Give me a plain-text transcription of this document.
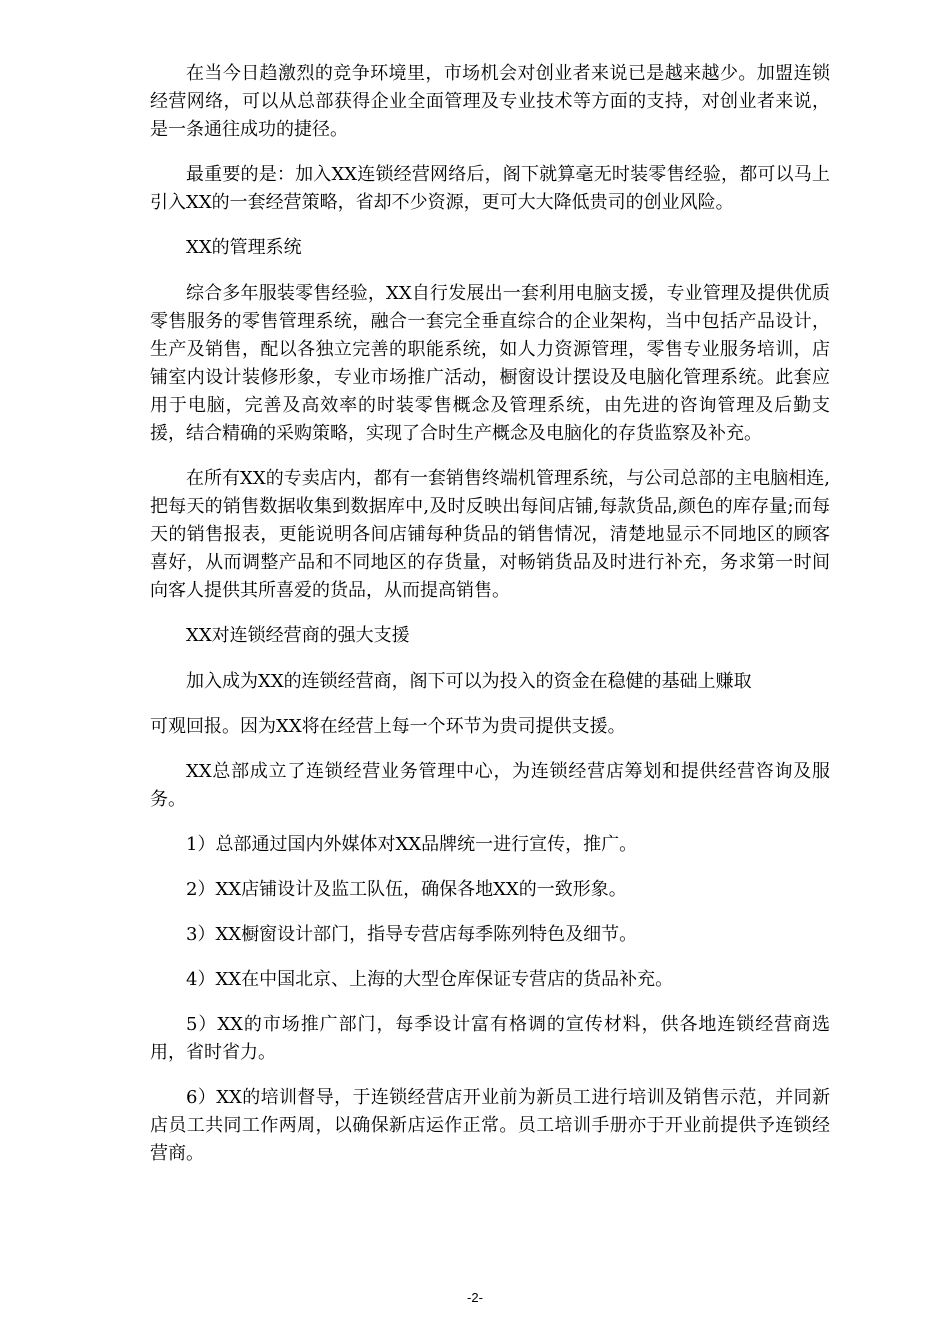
在当今日趋激烈的竞争环境里，市场机会对创业者来说已是越来越少。加盟连锁经营网络，可以从总部获得企业全面管理及专业技术等方面的支持，对创业者来说，是一条通往成功的捷径。

最重要的是：加入XX连锁经营网络后，阁下就算毫无时装零售经验，都可以马上引入XX的一套经营策略，省却不少资源，更可大大降低贵司的创业风险。

XX的管理系统

综合多年服装零售经验，XX自行发展出一套利用电脑支援，专业管理及提供优质零售服务的零售管理系统，融合一套完全垂直综合的企业架构，当中包括产品设计，生产及销售，配以各独立完善的职能系统，如人力资源管理，零售专业服务培训，店铺室内设计装修形象，专业市场推广活动，橱窗设计摆设及电脑化管理系统。此套应用于电脑，完善及高效率的时装零售概念及管理系统，由先进的咨询管理及后勤支援，结合精确的采购策略，实现了合时生产概念及电脑化的存货监察及补充。

在所有XX的专卖店内，都有一套销售终端机管理系统，与公司总部的主电脑相连,把每天的销售数据收集到数据库中,及时反映出每间店铺,每款货品,颜色的库存量;而每天的销售报表，更能说明各间店铺每种货品的销售情况，清楚地显示不同地区的顾客喜好，从而调整产品和不同地区的存货量，对畅销货品及时进行补充，务求第一时间向客人提供其所喜爱的货品，从而提高销售。

XX对连锁经营商的强大支援

加入成为XX的连锁经营商，阁下可以为投入的资金在稳健的基础上赚取

可观回报。因为XX将在经营上每一个环节为贵司提供支援。

XX总部成立了连锁经营业务管理中心，为连锁经营店筹划和提供经营咨询及服务。

1）总部通过国内外媒体对XX品牌统一进行宣传，推广。

2）XX店铺设计及监工队伍，确保各地XX的一致形象。

3）XX橱窗设计部门，指导专营店每季陈列特色及细节。

4）XX在中国北京、上海的大型仓库保证专营店的货品补充。

5）XX的市场推广部门，每季设计富有格调的宣传材料，供各地连锁经营商选用，省时省力。

6）XX的培训督导，于连锁经营店开业前为新员工进行培训及销售示范，并同新店员工共同工作两周，以确保新店运作正常。员工培训手册亦于开业前提供予连锁经营商。

-2-
